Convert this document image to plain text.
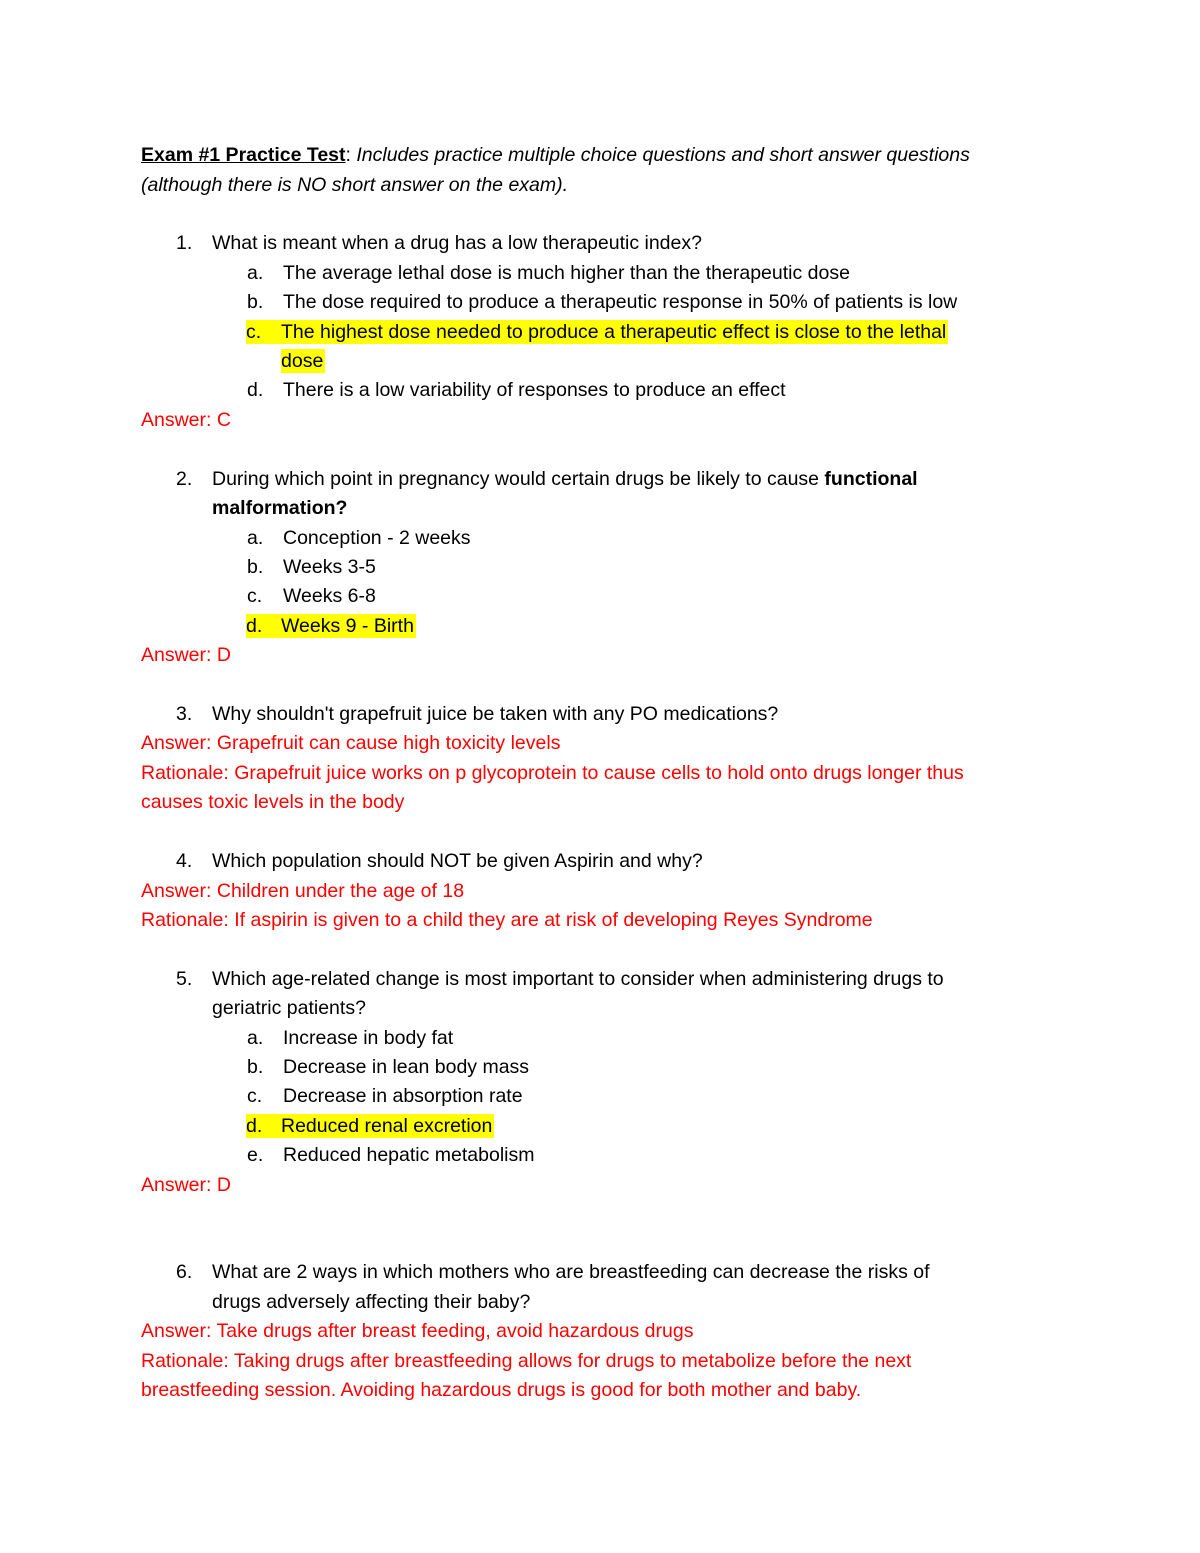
Exam #1 Practice Test: Includes practice multiple choice questions and short answer questions

(although there is NO short answer on the exam).

1. What is meant when a drug has a low therapeutic index?

a. The average lethal dose is much higher than the therapeutic dose

b. The dose required to produce a therapeutic response in 50% of patients is low

c.	The highest dose needed to produce a therapeutic effect is close to the lethal

dose

d. There is a low variability of responses to produce an effect

Answer: C

2. During which point in pregnancy would certain drugs be likely to cause functional

malformation?

a. Conception - 2 weeks

b. Weeks 3-5

c. Weeks 6-8

d. Weeks 9 - Birth

Answer: D

3. Why shouldn't grapefruit juice be taken with any PO medications?

Answer: Grapefruit can cause high toxicity levels

Rationale: Grapefruit juice works on p glycoprotein to cause cells to hold onto drugs longer thus

causes toxic levels in the body

4. Which population should NOT be given Aspirin and why?

Answer: Children under the age of 18

Rationale: If aspirin is given to a child they are at risk of developing Reyes Syndrome

5. Which age-related change is most important to consider when administering drugs to

geriatric patients?

a. Increase in body fat

b. Decrease in lean body mass

c. Decrease in absorption rate

d. Reduced renal excretion

e. Reduced hepatic metabolism

Answer: D

6. What are 2 ways in which mothers who are breastfeeding can decrease the risks of

drugs adversely affecting their baby?

Answer: Take drugs after breast feeding, avoid hazardous drugs

Rationale: Taking drugs after breastfeeding allows for drugs to metabolize before the next

breastfeeding session. Avoiding hazardous drugs is good for both mother and baby.
